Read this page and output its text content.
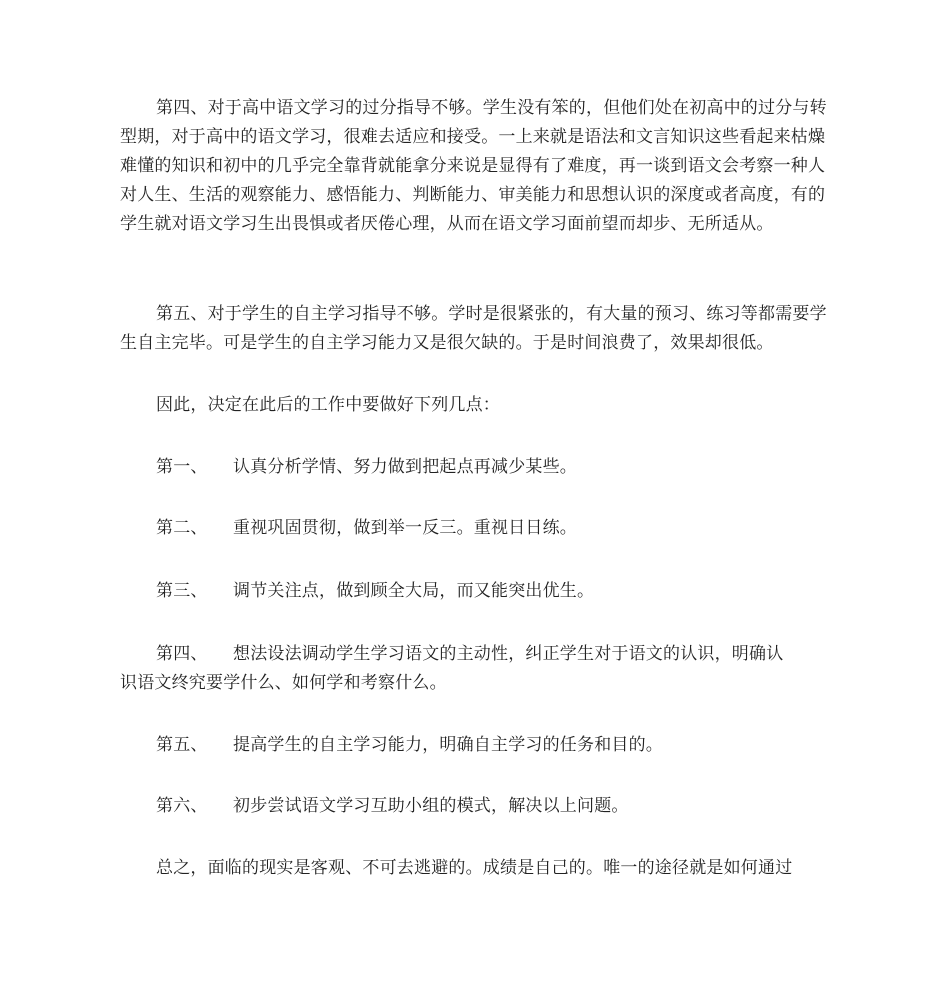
第四、对于高中语文学习的过分指导不够。学生没有笨的，但他们处在初高中的过分与转型期，对于高中的语文学习，很难去适应和接受。一上来就是语法和文言知识这些看起来枯燥难懂的知识和初中的几乎完全靠背就能拿分来说是显得有了难度，再一谈到语文会考察一种人对人生、生活的观察能力、感悟能力、判断能力、审美能力和思想认识的深度或者高度，有的学生就对语文学习生出畏惧或者厌倦心理，从而在语文学习面前望而却步、无所适从。

第五、对于学生的自主学习指导不够。学时是很紧张的，有大量的预习、练习等都需要学生自主完毕。可是学生的自主学习能力又是很欠缺的。于是时间浪费了，效果却很低。

因此，决定在此后的工作中要做好下列几点：

第一、 认真分析学情、努力做到把起点再减少某些。
第二、 重视巩固贯彻，做到举一反三。重视日日练。
第三、 调节关注点，做到顾全大局，而又能突出优生。
第四、 想法设法调动学生学习语文的主动性，纠正学生对于语文的认识，明确认
识语文终究要学什么、如何学和考察什么。
第五、 提高学生的自主学习能力，明确自主学习的任务和目的。
第六、 初步尝试语文学习互助小组的模式，解决以上问题。

总之，面临的现实是客观、不可去逃避的。成绩是自己的。唯一的途径就是如何通过
